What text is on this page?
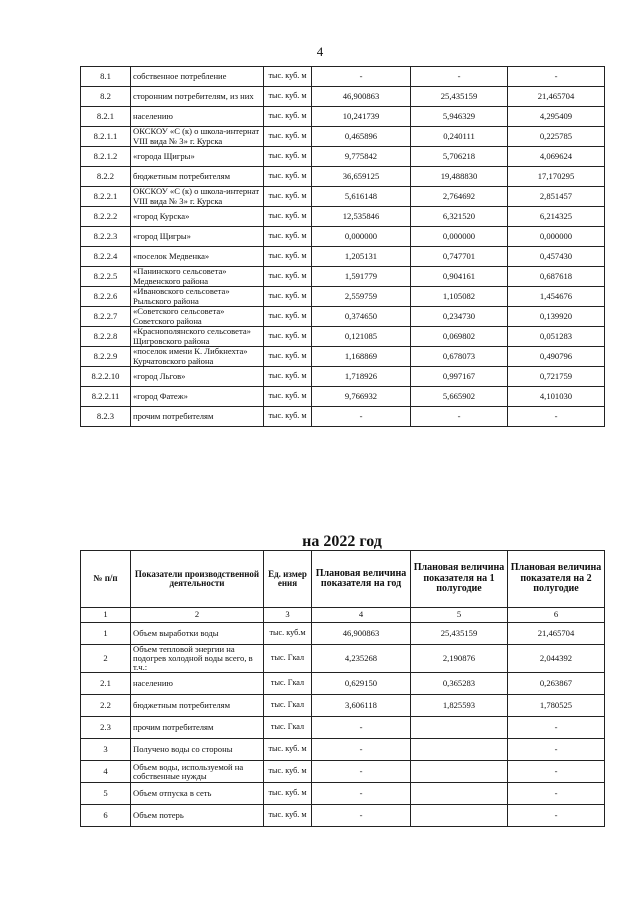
4
8.1	собственное потребление	тыс. куб. м	-	-	-
8.2	сторонним потребителям, из них	тыс. куб. м	46,900863	25,435159	21,465704
8.2.1	населению	тыс. куб. м	10,241739	5,946329	4,295409
8.2.1.1	ОКСКОУ «С (к) о школа-интернат VIII вида № 3» г. Курска	тыс. куб. м	0,465896	0,240111	0,225785
8.2.1.2	«города Щигры»	тыс. куб. м	9,775842	5,706218	4,069624
8.2.2	бюджетным потребителям	тыс. куб. м	36,659125	19,488830	17,170295
8.2.2.1	ОКСКОУ «С (к) о школа-интернат VIII вида № 3» г. Курска	тыс. куб. м	5,616148	2,764692	2,851457
8.2.2.2	«город Курска»	тыс. куб. м	12,535846	6,321520	6,214325
8.2.2.3	«город Щигры»	тыс. куб. м	0,000000	0,000000	0,000000
8.2.2.4	«поселок Медвенка»	тыс. куб. м	1,205131	0,747701	0,457430
8.2.2.5	«Панинского сельсовета» Медвенского района	тыс. куб. м	1,591779	0,904161	0,687618
8.2.2.6	«Ивановского сельсовета» Рыльского района	тыс. куб. м	2,559759	1,105082	1,454676
8.2.2.7	«Советского сельсовета» Советского района	тыс. куб. м	0,374650	0,234730	0,139920
8.2.2.8	«Краснополянского сельсовета» Щигровского района	тыс. куб. м	0,121085	0,069802	0,051283
8.2.2.9	«поселок имени К. Либкнехта» Курчатовского района	тыс. куб. м	1,168869	0,678073	0,490796
8.2.2.10	«город Льгов»	тыс. куб. м	1,718926	0,997167	0,721759
8.2.2.11	«город Фатеж»	тыс. куб. м	9,766932	5,665902	4,101030
8.2.3	прочим потребителям	тыс. куб. м	-	-	-
на 2022 год
№ п/п	Показатели производственной деятельности	Ед. измер ения	Плановая величина показателя на год	Плановая величина показателя на 1 полугодие	Плановая величина показателя на 2 полугодие
1	2	3	4	5	6
1	Объем выработки воды	тыс. куб.м	46,900863	25,435159	21,465704
2	Объем тепловой энергии на подогрев холодной воды всего, в т.ч.:	тыс. Гкал	4,235268	2,190876	2,044392
2.1	населению	тыс. Гкал	0,629150	0,365283	0,263867
2.2	бюджетным потребителям	тыс. Гкал	3,606118	1,825593	1,780525
2.3	прочим потребителям	тыс. Гкал	-		-
3	Получено воды со стороны	тыс. куб. м	-		-
4	Объем воды, используемой на собственные нужды	тыс. куб. м	-		-
5	Объем отпуска в сеть	тыс. куб. м	-		-
6	Объем потерь	тыс. куб. м	-		-
